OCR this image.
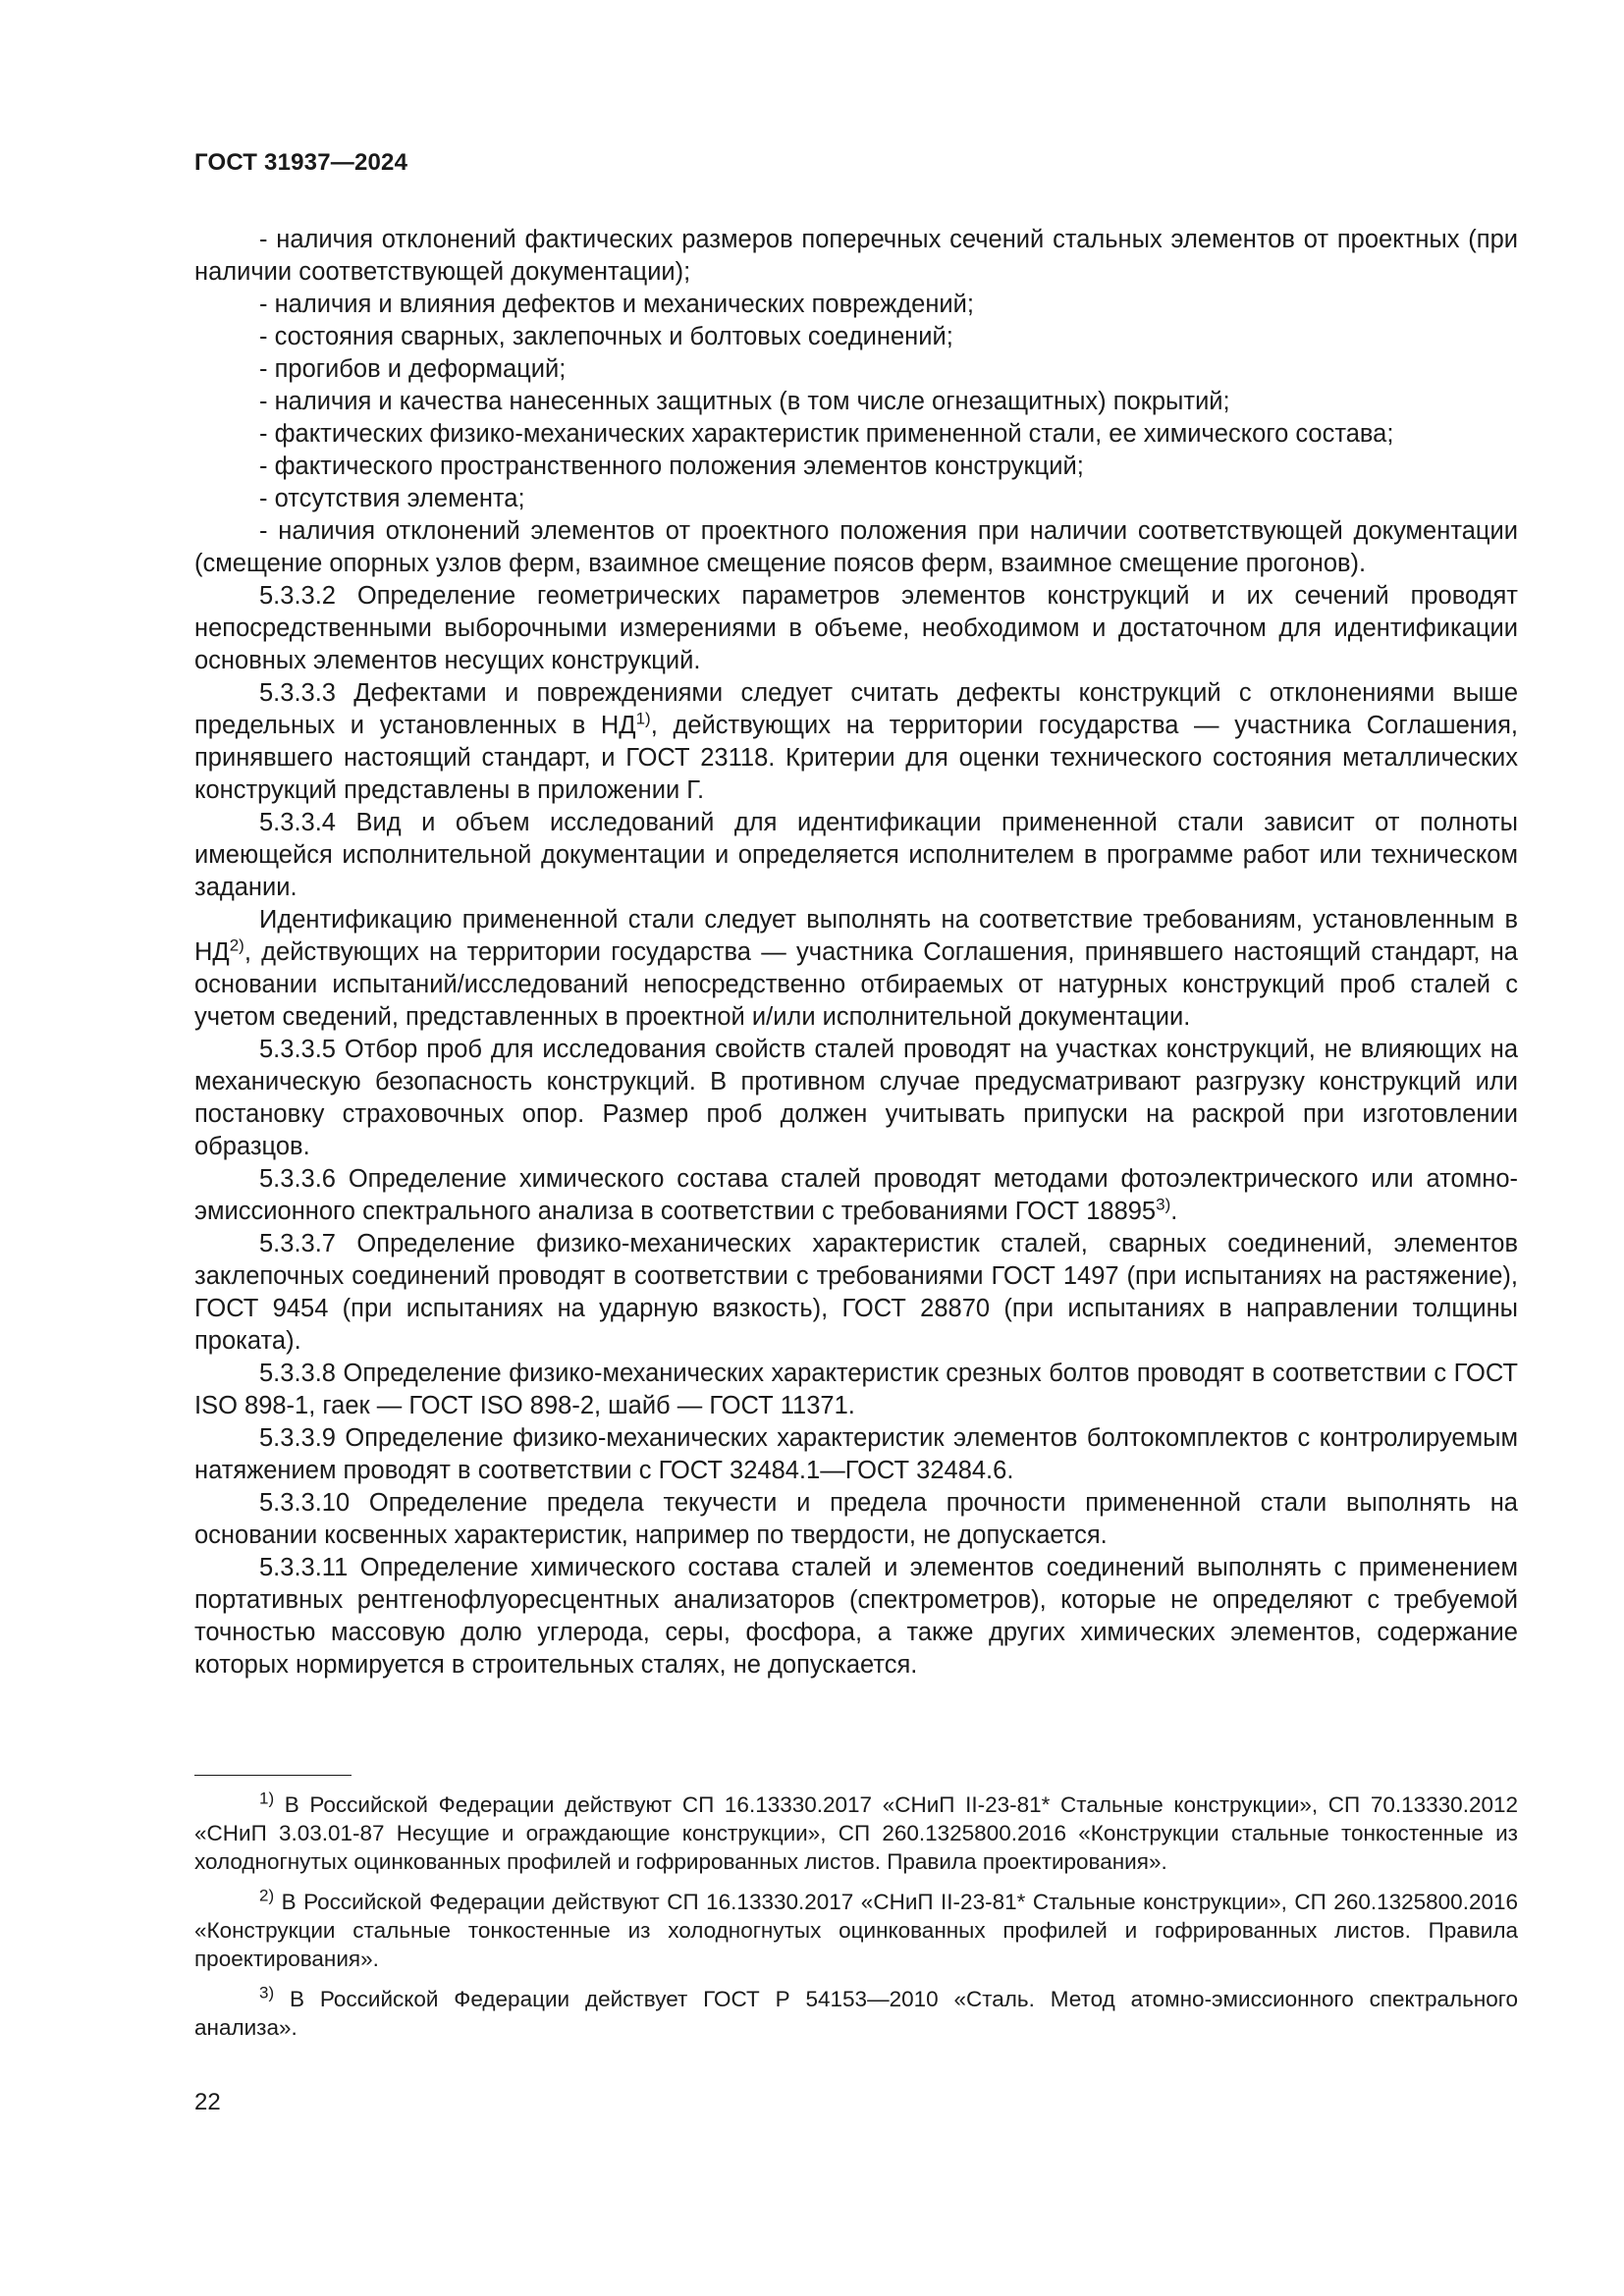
ГОСТ 31937—2024

- наличия отклонений фактических размеров поперечных сечений стальных элементов от проектных (при наличии соответствующей документации);

- наличия и влияния дефектов и механических повреждений;

- состояния сварных, заклепочных и болтовых соединений;

- прогибов и деформаций;

- наличия и качества нанесенных защитных (в том числе огнезащитных) покрытий;

- фактических физико-механических характеристик примененной стали, ее химического состава;

- фактического пространственного положения элементов конструкций;

- отсутствия элемента;

- наличия отклонений элементов от проектного положения при наличии соответствующей документации (смещение опорных узлов ферм, взаимное смещение поясов ферм, взаимное смещение прогонов).

5.3.3.2 Определение геометрических параметров элементов конструкций и их сечений проводят непосредственными выборочными измерениями в объеме, необходимом и достаточном для идентификации основных элементов несущих конструкций.

5.3.3.3 Дефектами и повреждениями следует считать дефекты конструкций с отклонениями выше предельных и установленных в НД$^{1)}$, действующих на территории государства — участника Соглашения, принявшего настоящий стандарт, и ГОСТ 23118. Критерии для оценки технического состояния металлических конструкций представлены в приложении Г.

5.3.3.4 Вид и объем исследований для идентификации примененной стали зависит от полноты имеющейся исполнительной документации и определяется исполнителем в программе работ или техническом задании.

Идентификацию примененной стали следует выполнять на соответствие требованиям, установленным в НД$^{2)}$, действующих на территории государства — участника Соглашения, принявшего настоящий стандарт, на основании испытаний/исследований непосредственно отбираемых от натурных конструкций проб сталей с учетом сведений, представленных в проектной и/или исполнительной документации.

5.3.3.5 Отбор проб для исследования свойств сталей проводят на участках конструкций, не влияющих на механическую безопасность конструкций. В противном случае предусматривают разгрузку конструкций или постановку страховочных опор. Размер проб должен учитывать припуски на раскрой при изготовлении образцов.

5.3.3.6 Определение химического состава сталей проводят методами фотоэлектрического или атомно-эмиссионного спектрального анализа в соответствии с требованиями ГОСТ 18895$^{3)}$.

5.3.3.7 Определение физико-механических характеристик сталей, сварных соединений, элементов заклепочных соединений проводят в соответствии с требованиями ГОСТ 1497 (при испытаниях на растяжение), ГОСТ 9454 (при испытаниях на ударную вязкость), ГОСТ 28870 (при испытаниях в направлении толщины проката).

5.3.3.8 Определение физико-механических характеристик срезных болтов проводят в соответствии с ГОСТ ISO 898-1, гаек — ГОСТ ISO 898-2, шайб — ГОСТ 11371.

5.3.3.9 Определение физико-механических характеристик элементов болтокомплектов с контролируемым натяжением проводят в соответствии с ГОСТ 32484.1—ГОСТ 32484.6.

5.3.3.10 Определение предела текучести и предела прочности примененной стали выполнять на основании косвенных характеристик, например по твердости, не допускается.

5.3.3.11 Определение химического состава сталей и элементов соединений выполнять с применением портативных рентгенофлуоресцентных анализаторов (спектрометров), которые не определяют с требуемой точностью массовую долю углерода, серы, фосфора, а также других химических элементов, содержание которых нормируется в строительных сталях, не допускается.

$^{1)}$ В Российской Федерации действуют СП 16.13330.2017 «СНиП II-23-81* Стальные конструкции», СП 70.13330.2012 «СНиП 3.03.01-87 Несущие и ограждающие конструкции», СП 260.1325800.2016 «Конструкции стальные тонкостенные из холодногнутых оцинкованных профилей и гофрированных листов. Правила проектирования».

$^{2)}$ В Российской Федерации действуют СП 16.13330.2017 «СНиП II-23-81* Стальные конструкции», СП 260.1325800.2016 «Конструкции стальные тонкостенные из холодногнутых оцинкованных профилей и гофрированных листов. Правила проектирования».

$^{3)}$ В Российской Федерации действует ГОСТ Р 54153—2010 «Сталь. Метод атомно-эмиссионного спектрального анализа».

22
